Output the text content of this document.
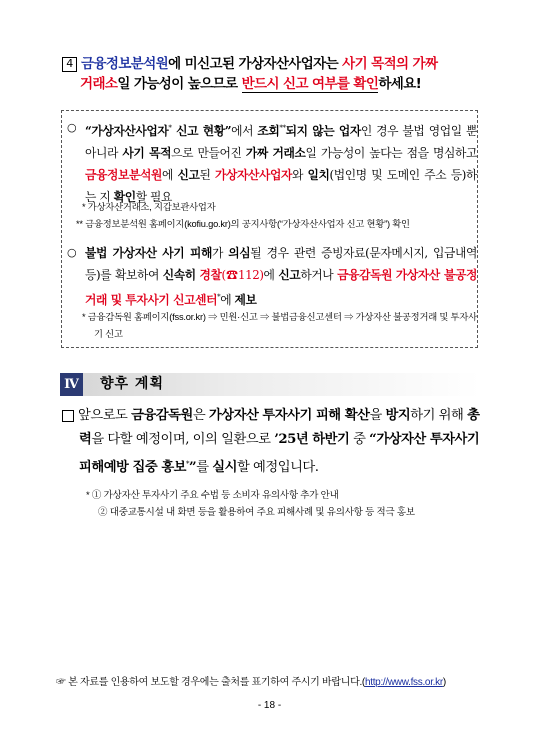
4 금융정보분석원에 미신고된 가상자산사업자는 사기 목적의 가짜
거래소일 가능성이 높으므로 반드시 신고 여부를 확인하세요!
○ “가상자산사업자* 신고 현황”에서 조회**되지 않는 업자인 경우 불법 영업일 뿐 아니라 사기 목적으로 만들어진 가짜 거래소일 가능성이 높다는 점을 명심하고 금융정보분석원에 신고된 가상자산사업자와 일치(법인명 및 도메인 주소 등)하는 지 확인할 필요
* 가상자산거래소, 지갑보관사업자
** 금융정보분석원 홈페이지(kofiu.go.kr)의 공지사항(“가상자산사업자 신고 현황”) 확인
○ 불법 가상자산 사기 피해가 의심될 경우 관련 증빙자료(문자메시지, 입금내역 등)를 확보하여 신속히 경찰(☎112)에 신고하거나 금융감독원 가상자산 불공정거래 및 투자사기 신고센터*에 제보
* 금융감독원 홈페이지(fss.or.kr) ⇒ 민원·신고 ⇒ 불법금융신고센터 ⇒ 가상자산 불공정거래 및 투자사기 신고
Ⅳ 향후 계획
앞으로도 금융감독원은 가상자산 투자사기 피해 확산을 방지하기 위해 총력을 다할 예정이며, 이의 일환으로 ’25년 하반기 중 “가상자산 투자사기 피해예방 집중 홍보*”를 실시할 예정입니다.
* ① 가상자산 투자사기 주요 수법 등 소비자 유의사항 추가 안내
② 대중교통시설 내 화면 등을 활용하여 주요 피해사례 및 유의사항 등 적극 홍보
☞ 본 자료를 인용하여 보도할 경우에는 출처를 표기하여 주시기 바랍니다.(http://www.fss.or.kr)
- 18 -
